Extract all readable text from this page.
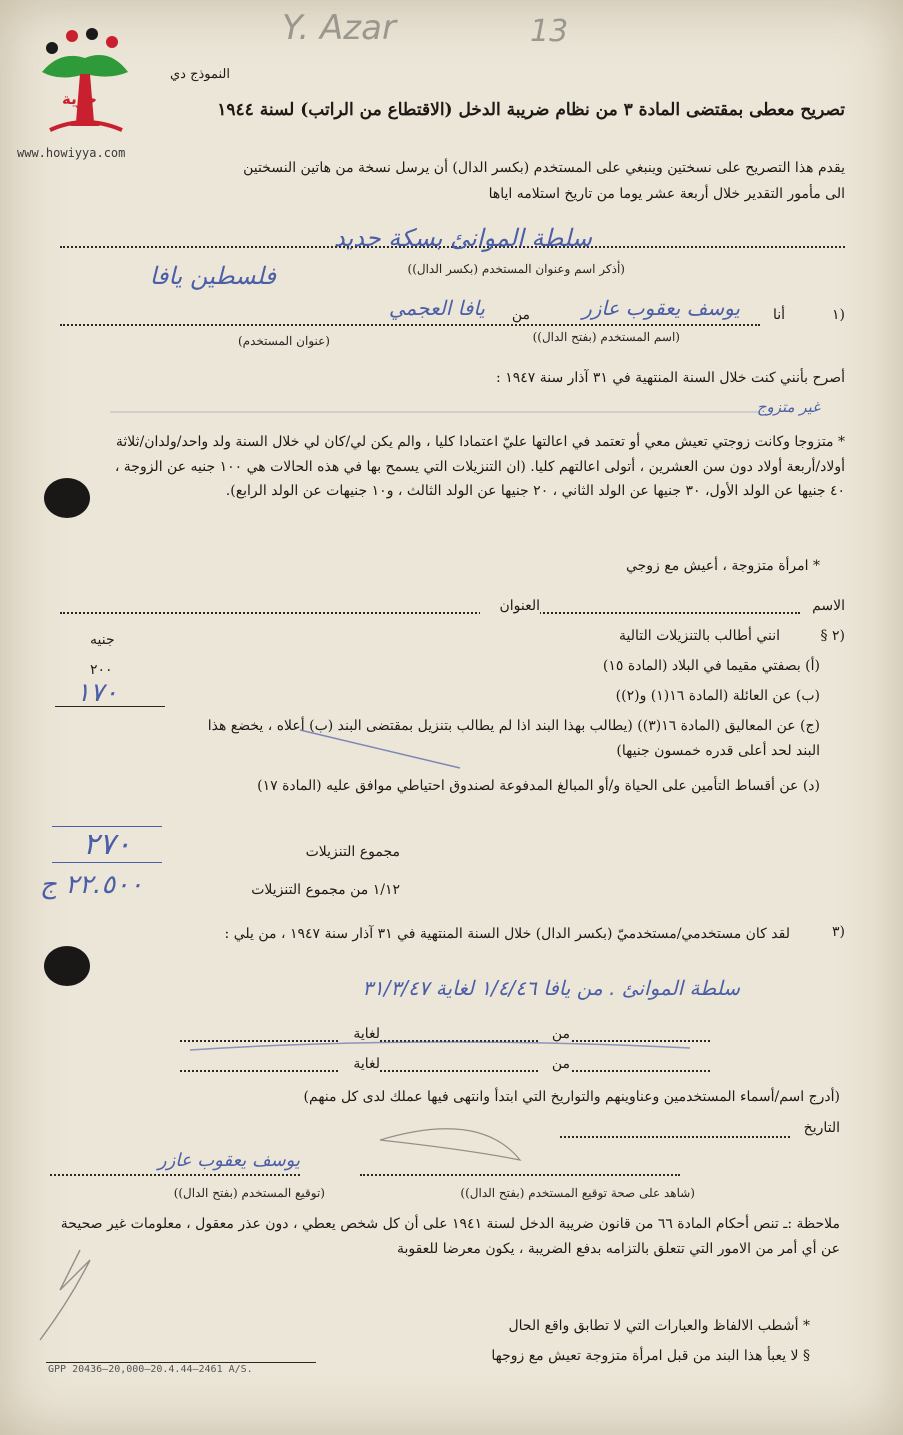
Y. Azar	13
حوية
www.howiyya.com
النموذج دي
تصريح معطى بمقتضى المادة ٣ من نظام ضريبة الدخل (الاقتطاع من الراتب) لسنة ١٩٤٤
يقدم هذا التصريح على نسختين وينبغي على المستخدم (بكسر الدال) أن يرسل نسخة من هاتين النسختين
الى مأمور التقدير خلال أربعة عشر يوما من تاريخ استلامه اياها
سلطة الموانئ بسكة حديد
فلسطين يافا	(أذكر اسم وعنوان المستخدم (بكسر الدال))
١)
أنا
يوسف يعقوب عازر
من
يافا العجمي
(اسم المستخدم (بفتح الدال))
(عنوان المستخدم)
أصرح بأنني كنت خلال السنة المنتهية في ٣١ آذار سنة ١٩٤٧ :
غير متزوج
* متزوجا وكانت زوجتي تعيش معي أو تعتمد في اعالتها عليّ اعتمادا كليا ، والم يكن لي/كان لي خلال السنة ولد واحد/ولدان/ثلاثة أولاد/أربعة أولاد دون سن العشرين ، أتولى اعالتهم كليا. (ان التنزيلات التي يسمح بها في هذه الحالات هي ١٠٠ جنيه عن الزوجة ، ٤٠ جنيها عن الولد الأول، ٣٠ جنيها عن الولد الثاني ، ٢٠ جنيها عن الولد الثالث ، و١٠ جنيهات عن الولد الرابع).
* امرأة متزوجة ، أعيش مع زوجي
الاسم
العنوان
§ ٢)
انني أطالب بالتنزيلات التالية
جنيه
(أ) بصفتي مقيما في البلاد (المادة ١٥)
٢٠٠
(ب) عن العائلة (المادة ١٦(١) و(٢))
١٧٠
(ج) عن المعاليق (المادة ١٦(٣)) (يطالب بهذا البند اذا لم يطالب بتنزيل بمقتضى البند (ب) أعلاه ، يخضع هذا البند لحد أعلى قدره خمسون جنيها)
(د) عن أقساط التأمين على الحياة و/أو المبالغ المدفوعة لصندوق احتياطي موافق عليه (المادة ١٧)
مجموع التنزيلات
٢٧٠
١/١٢ من مجموع التنزيلات
٢٢.٥٠٠ ج
٣)
لقد كان مستخدمي/مستخدميّ (بكسر الدال) خلال السنة المنتهية في ٣١ آذار سنة ١٩٤٧ ، من يلي :
سلطة الموانئ . من يافا ١/٤/٤٦ لغاية ٣١/٣/٤٧
من
لغاية
من
لغاية
(أدرج اسم/أسماء المستخدمين وعناوينهم والتواريخ التي ابتدأ وانتهى فيها عملك لدى كل منهم)
التاريخ
يوسف يعقوب عازر
(شاهد على صحة توقيع المستخدم (بفتح الدال))
(توقيع المستخدم (بفتح الدال))
ملاحظة :ـ تنص أحكام المادة ٦٦ من قانون ضريبة الدخل لسنة ١٩٤١ على أن كل شخص يعطي ، دون عذر معقول ، معلومات غير صحيحة عن أي أمر من الامور التي تتعلق بالتزامه بدفع الضريبة ، يكون معرضا للعقوبة
* أشطب الالفاظ والعبارات التي لا تطابق واقع الحال
§ لا يعبأ هذا البند من قبل امرأة متزوجة تعيش مع زوجها
GPP 20436—20,000—20.4.44—2461 A/S.
